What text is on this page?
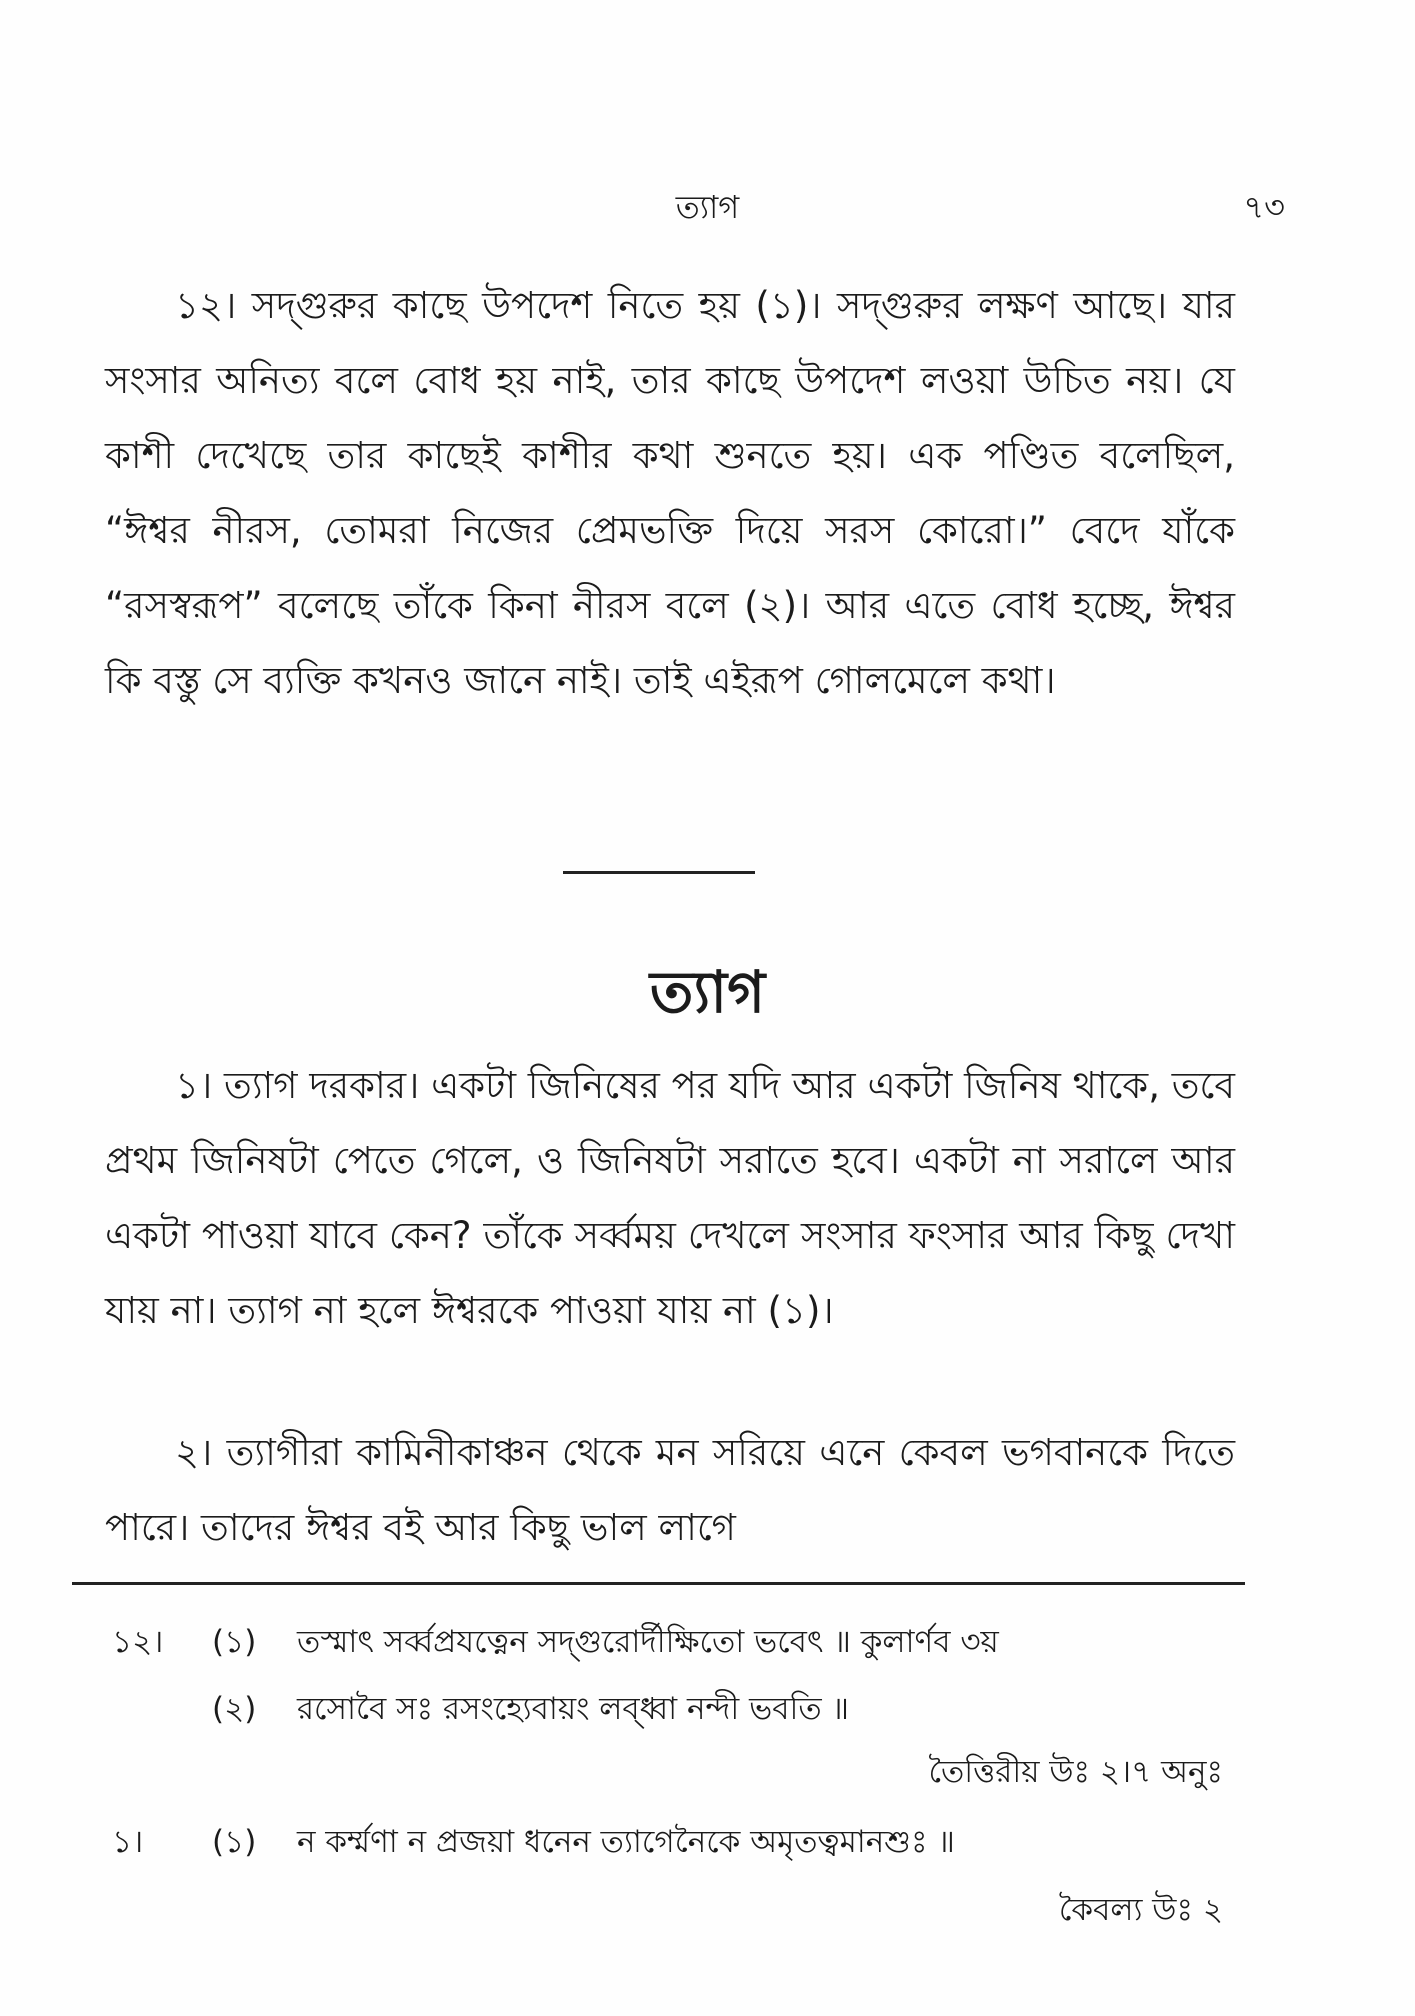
ত্যাগ	৭৩

১২। সদ্‌গুরুর কাছে উপদেশ নিতে হয় (১)। সদ্‌গুরুর লক্ষণ আছে। যার সংসার অনিত্য বলে বোধ হয় নাই, তার কাছে উপদেশ লওয়া উচিত নয়। যে কাশী দেখেছে তার কাছেই কাশীর কথা শুনতে হয়। এক পণ্ডিত বলেছিল, “ঈশ্বর নীরস, তোমরা নিজের প্রেমভক্তি দিয়ে সরস কোরো।” বেদে যাঁকে “রসস্বরূপ” বলেছে তাঁকে কিনা নীরস বলে (২)। আর এতে বোধ হচ্ছে, ঈশ্বর কি বস্তু সে ব্যক্তি কখনও জানে নাই। তাই এইরূপ গোলমেলে কথা।

ত্যাগ

১। ত্যাগ দরকার। একটা জিনিষের পর যদি আর একটা জিনিষ থাকে, তবে প্রথম জিনিষটা পেতে গেলে, ও জিনিষটা সরাতে হবে। একটা না সরালে আর একটা পাওয়া যাবে কেন? তাঁকে সর্ব্বময় দেখলে সংসার ফংসার আর কিছু দেখা যায় না। ত্যাগ না হলে ঈশ্বরকে পাওয়া যায় না (১)।

২। ত্যাগীরা কামিনীকাঞ্চন থেকে মন সরিয়ে এনে কেবল ভগবানকে দিতে পারে। তাদের ঈশ্বর বই আর কিছু ভাল লাগে

১২। (১) তস্মাৎ সর্ব্বপ্রযত্নেন সদ্‌গুরোর্দীক্ষিতো ভবেৎ ॥ কুলার্ণব ৩য়
(২) রসোবৈ সঃ রসংহ্যেবায়ং লব্ধ্বা নন্দী ভবতি ॥
তৈত্তিরীয় উঃ ২।৭ অনুঃ
১। (১) ন কর্ম্মণা ন প্রজয়া ধনেন ত্যাগেনৈকে অমৃতত্বমানশুঃ ॥
কৈবল্য উঃ ২
